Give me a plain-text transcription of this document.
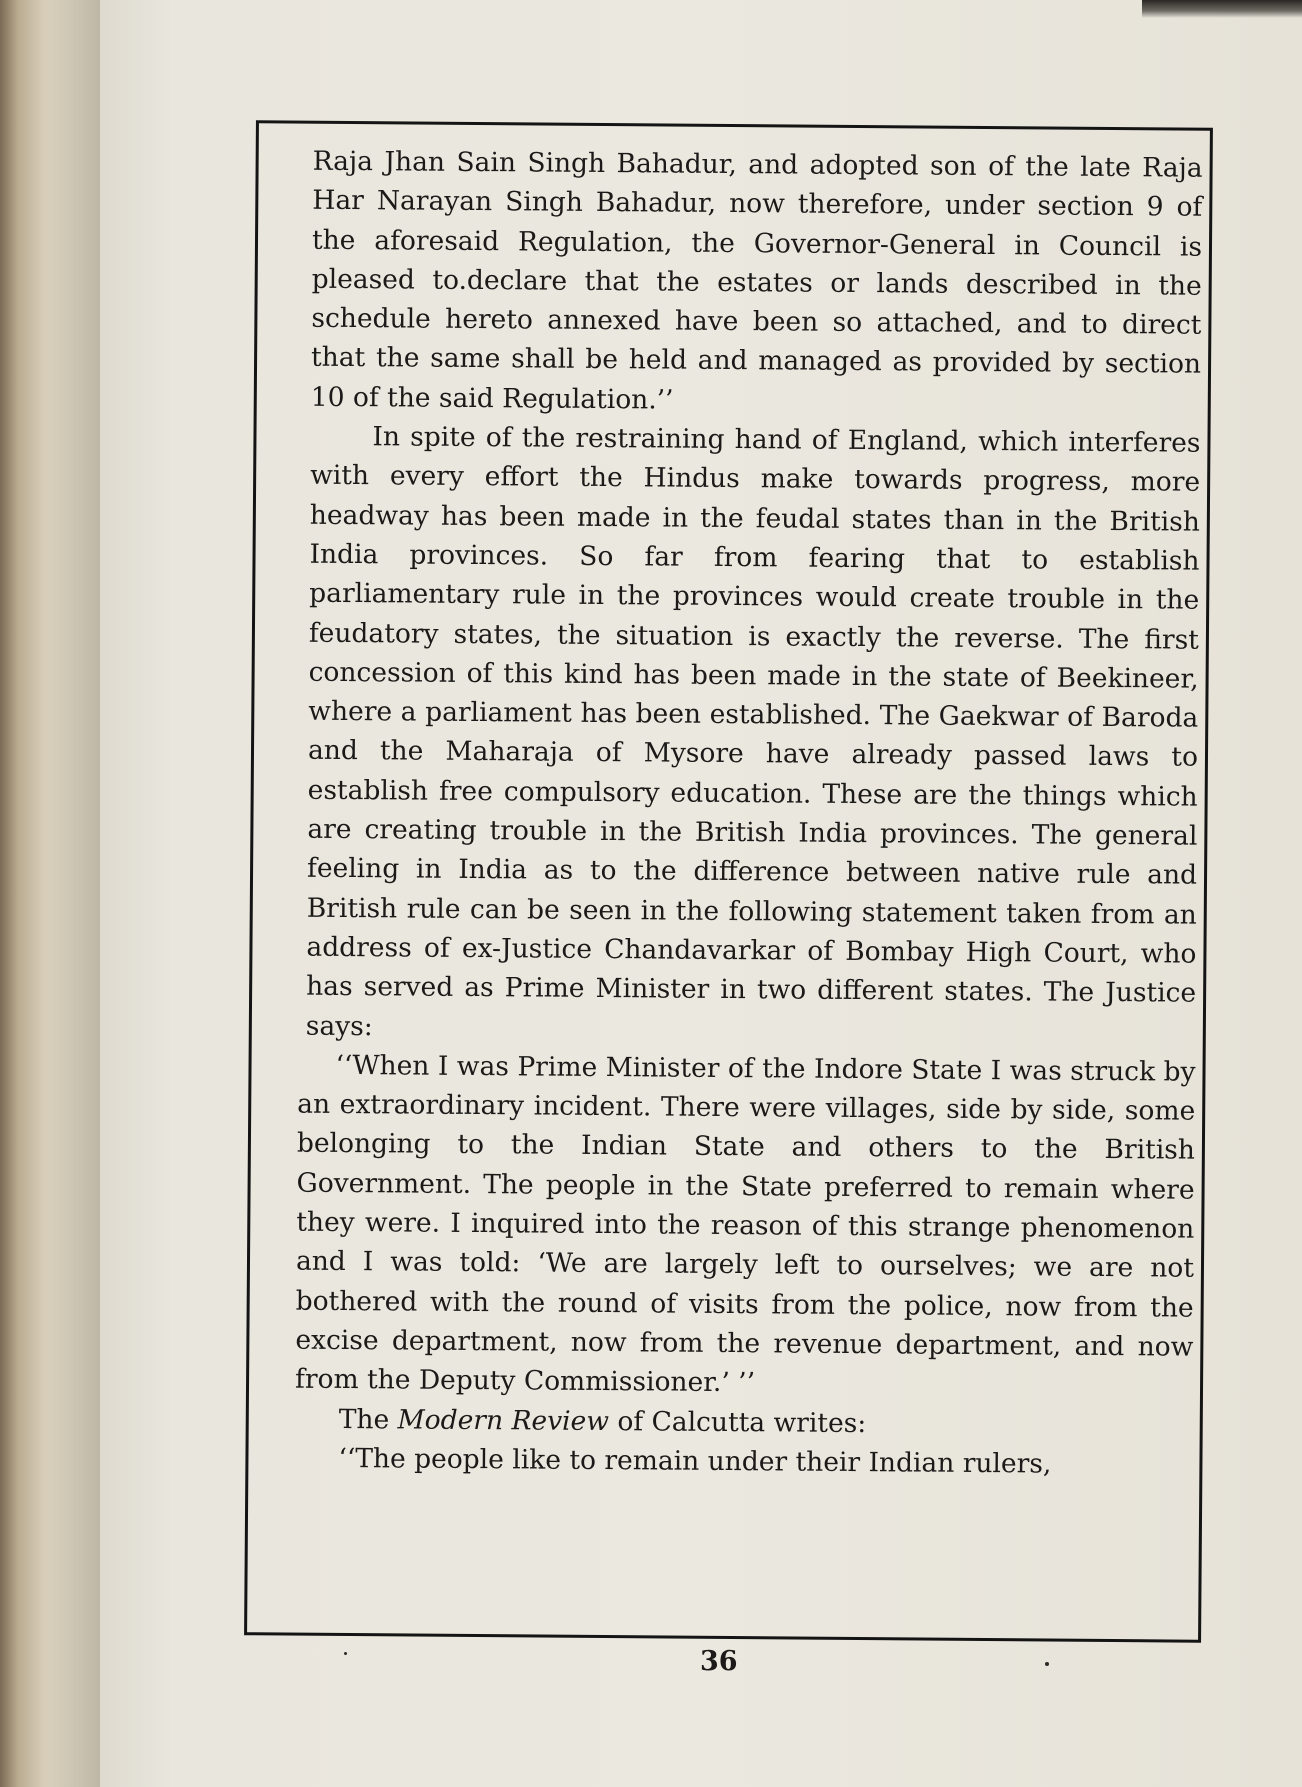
Raja Jhan Sain Singh Bahadur, and adopted son of the late Raja Har Narayan Singh Bahadur, now therefore, under section 9 of the aforesaid Regulation, the Governor-General in Council is pleased to.declare that the estates or lands described in the schedule hereto annexed have been so attached, and to direct that the same shall be held and managed as provided by section 10 of the said Regulation.’’

In spite of the restraining hand of England, which interferes with every effort the Hindus make towards progress, more headway has been made in the feudal states than in the British India provinces. So far from fearing that to establish parliamentary rule in the provinces would create trouble in the feudatory states, the situation is exactly the reverse. The first concession of this kind has been made in the state of Beekineer, where a parliament has been established. The Gaekwar of Baroda and the Maharaja of Mysore have already passed laws to establish free compulsory education. These are the things which are creating trouble in the British India provinces. The general feeling in India as to the difference between native rule and British rule can be seen in the following statement taken from an address of ex-Justice Chandavarkar of Bombay High Court, who has served as Prime Minister in two different states. The Justice says:

‘‘When I was Prime Minister of the Indore State I was struck by an extraordinary incident. There were villages, side by side, some belonging to the Indian State and others to the British Government. The people in the State preferred to remain where they were. I inquired into the reason of this strange phenomenon and I was told: ‘We are largely left to ourselves; we are not bothered with the round of visits from the police, now from the excise department, now from the revenue department, and now from the Deputy Commissioner.’ ’’

The Modern Review of Calcutta writes:

‘‘The people like to remain under their Indian rulers,

36
